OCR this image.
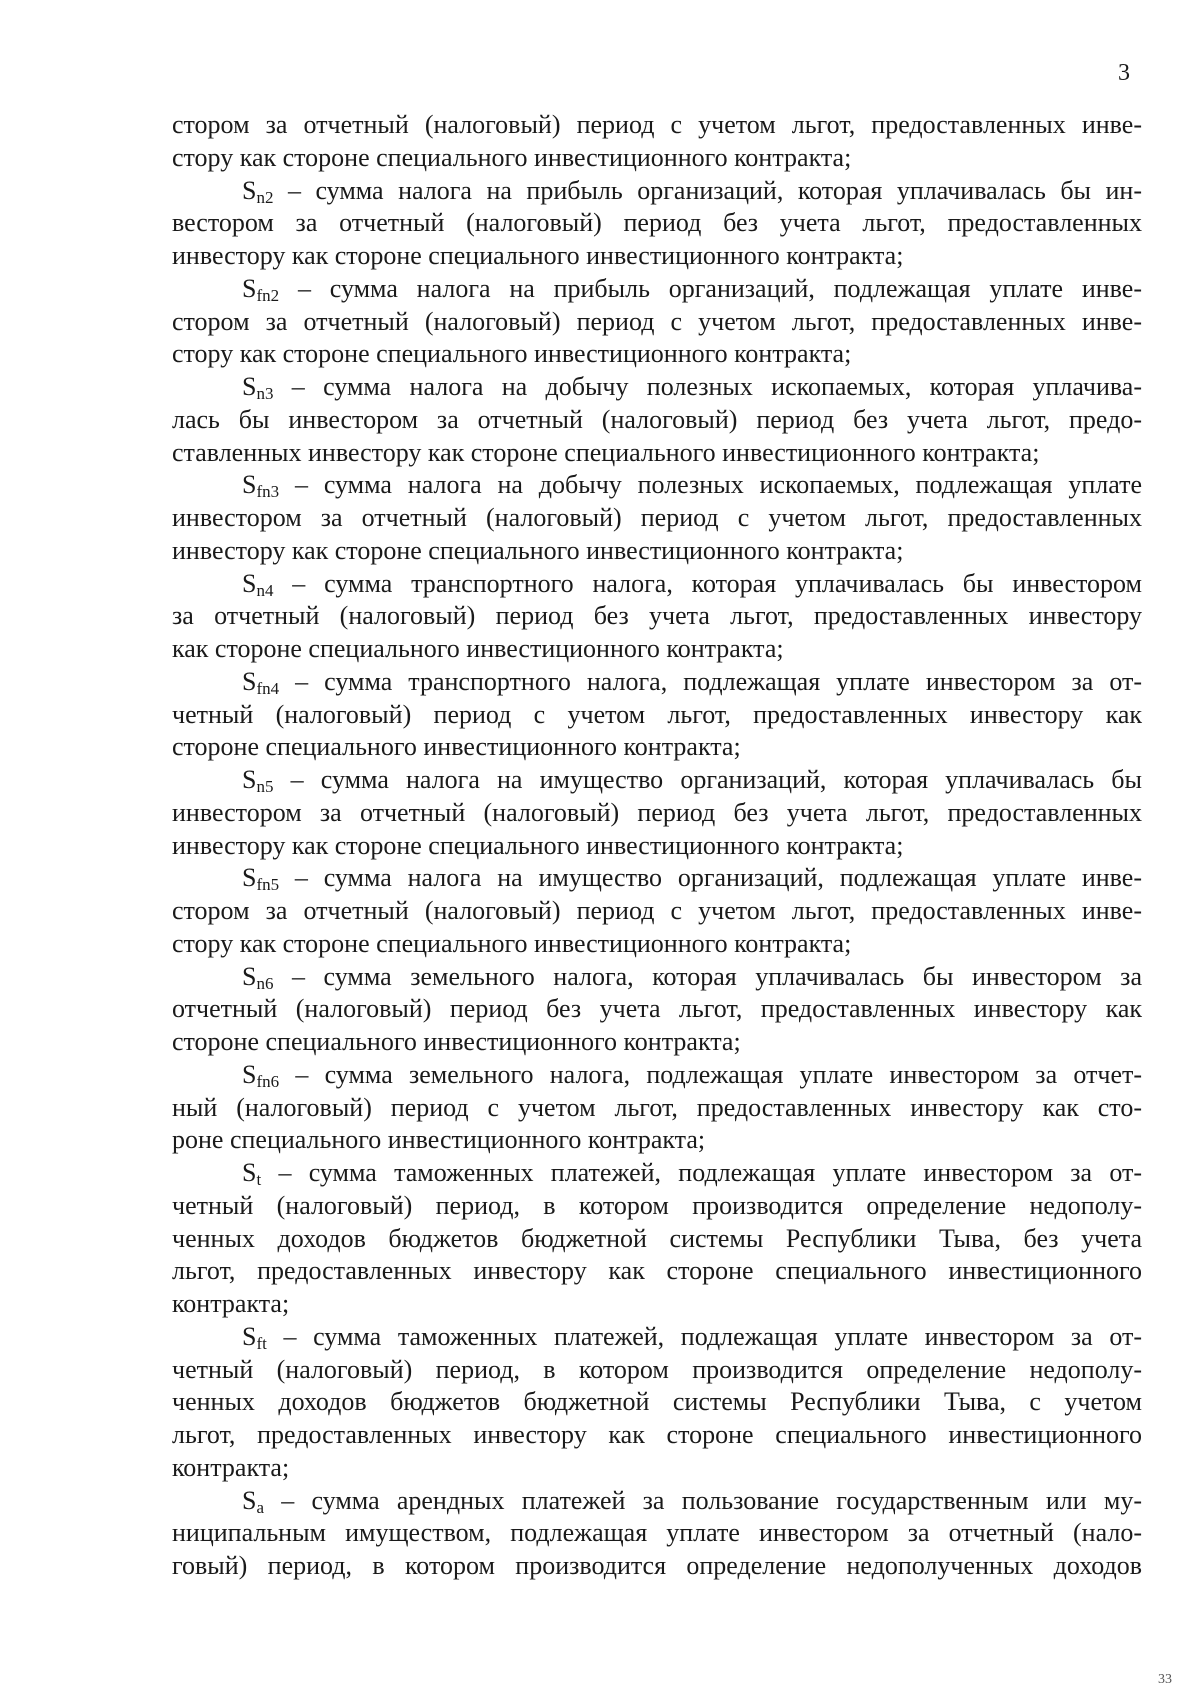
3
стором за отчетный (налоговый) период с учетом льгот, предоставленных инве-
стору как стороне специального инвестиционного контракта;
Sn2 – сумма налога на прибыль организаций, которая уплачивалась бы ин-
вестором за отчетный (налоговый) период без учета льгот, предоставленных
инвестору как стороне специального инвестиционного контракта;
Sfn2 – сумма налога на прибыль организаций, подлежащая уплате инве-
стором за отчетный (налоговый) период с учетом льгот, предоставленных инве-
стору как стороне специального инвестиционного контракта;
Sn3 – сумма налога на добычу полезных ископаемых, которая уплачива-
лась бы инвестором за отчетный (налоговый) период без учета льгот, предо-
ставленных инвестору как стороне специального инвестиционного контракта;
Sfn3 – сумма налога на добычу полезных ископаемых, подлежащая уплате
инвестором за отчетный (налоговый) период с учетом льгот, предоставленных
инвестору как стороне специального инвестиционного контракта;
Sn4 – сумма транспортного налога, которая уплачивалась бы инвестором
за отчетный (налоговый) период без учета льгот, предоставленных инвестору
как стороне специального инвестиционного контракта;
Sfn4 – сумма транспортного налога, подлежащая уплате инвестором за от-
четный (налоговый) период с учетом льгот, предоставленных инвестору как
стороне специального инвестиционного контракта;
Sn5 – сумма налога на имущество организаций, которая уплачивалась бы
инвестором за отчетный (налоговый) период без учета льгот, предоставленных
инвестору как стороне специального инвестиционного контракта;
Sfn5 – сумма налога на имущество организаций, подлежащая уплате инве-
стором за отчетный (налоговый) период с учетом льгот, предоставленных инве-
стору как стороне специального инвестиционного контракта;
Sn6 – сумма земельного налога, которая уплачивалась бы инвестором за
отчетный (налоговый) период без учета льгот, предоставленных инвестору как
стороне специального инвестиционного контракта;
Sfn6 – сумма земельного налога, подлежащая уплате инвестором за отчет-
ный (налоговый) период с учетом льгот, предоставленных инвестору как сто-
роне специального инвестиционного контракта;
St – сумма таможенных платежей, подлежащая уплате инвестором за от-
четный (налоговый) период, в котором производится определение недополу-
ченных доходов бюджетов бюджетной системы Республики Тыва, без учета
льгот, предоставленных инвестору как стороне специального инвестиционного
контракта;
Sft – сумма таможенных платежей, подлежащая уплате инвестором за от-
четный (налоговый) период, в котором производится определение недополу-
ченных доходов бюджетов бюджетной системы Республики Тыва, с учетом
льгот, предоставленных инвестору как стороне специального инвестиционного
контракта;
Sa – сумма арендных платежей за пользование государственным или му-
ниципальным имуществом, подлежащая уплате инвестором за отчетный (нало-
говый) период, в котором производится определение недополученных доходов
33
